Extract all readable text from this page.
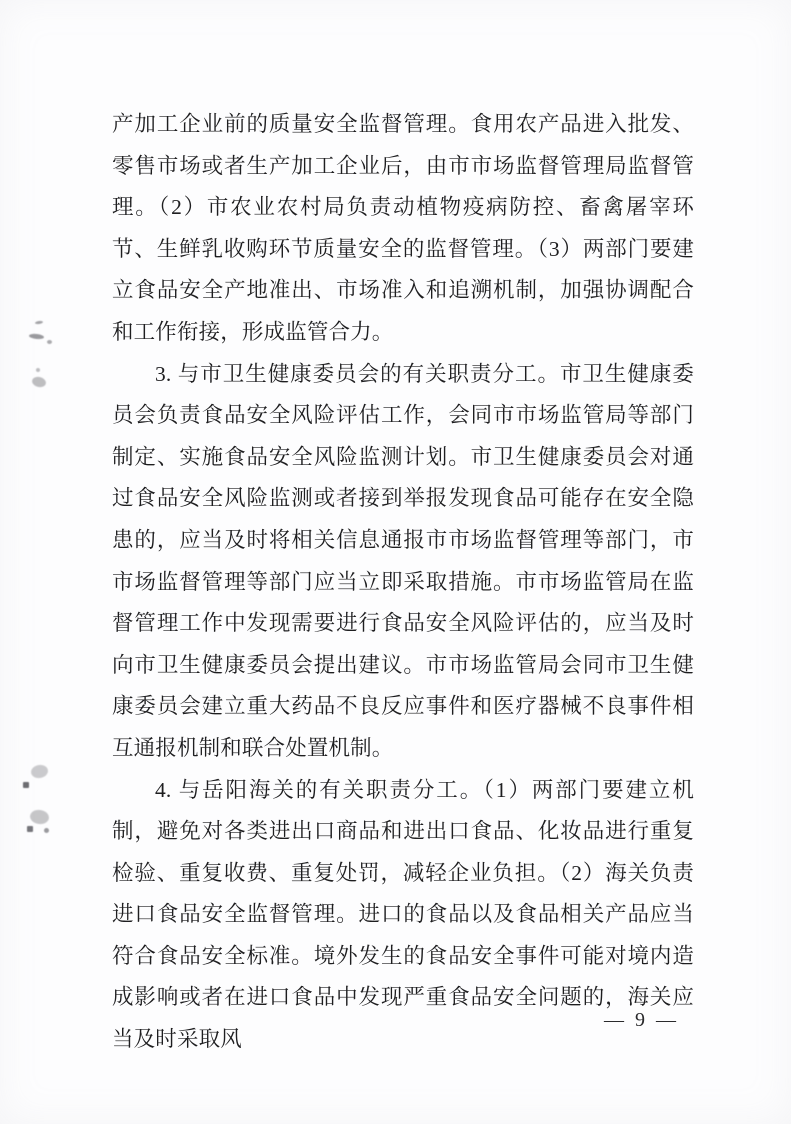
产加工企业前的质量安全监督管理。食用农产品进入批发、零售市场或者生产加工企业后，由市市场监督管理局监督管理。（2）市农业农村局负责动植物疫病防控、畜禽屠宰环节、生鲜乳收购环节质量安全的监督管理。（3）两部门要建立食品安全产地准出、市场准入和追溯机制，加强协调配合和工作衔接，形成监管合力。

3. 与市卫生健康委员会的有关职责分工。市卫生健康委员会负责食品安全风险评估工作，会同市市场监管局等部门制定、实施食品安全风险监测计划。市卫生健康委员会对通过食品安全风险监测或者接到举报发现食品可能存在安全隐患的，应当及时将相关信息通报市市场监督管理等部门，市市场监督管理等部门应当立即采取措施。市市场监管局在监督管理工作中发现需要进行食品安全风险评估的，应当及时向市卫生健康委员会提出建议。市市场监管局会同市卫生健康委员会建立重大药品不良反应事件和医疗器械不良事件相互通报机制和联合处置机制。

4. 与岳阳海关的有关职责分工。（1）两部门要建立机制，避免对各类进出口商品和进出口食品、化妆品进行重复检验、重复收费、重复处罚，减轻企业负担。（2）海关负责进口食品安全监督管理。进口的食品以及食品相关产品应当符合食品安全标准。境外发生的食品安全事件可能对境内造成影响或者在进口食品中发现严重食品安全问题的，海关应当及时采取风

— 9 —
